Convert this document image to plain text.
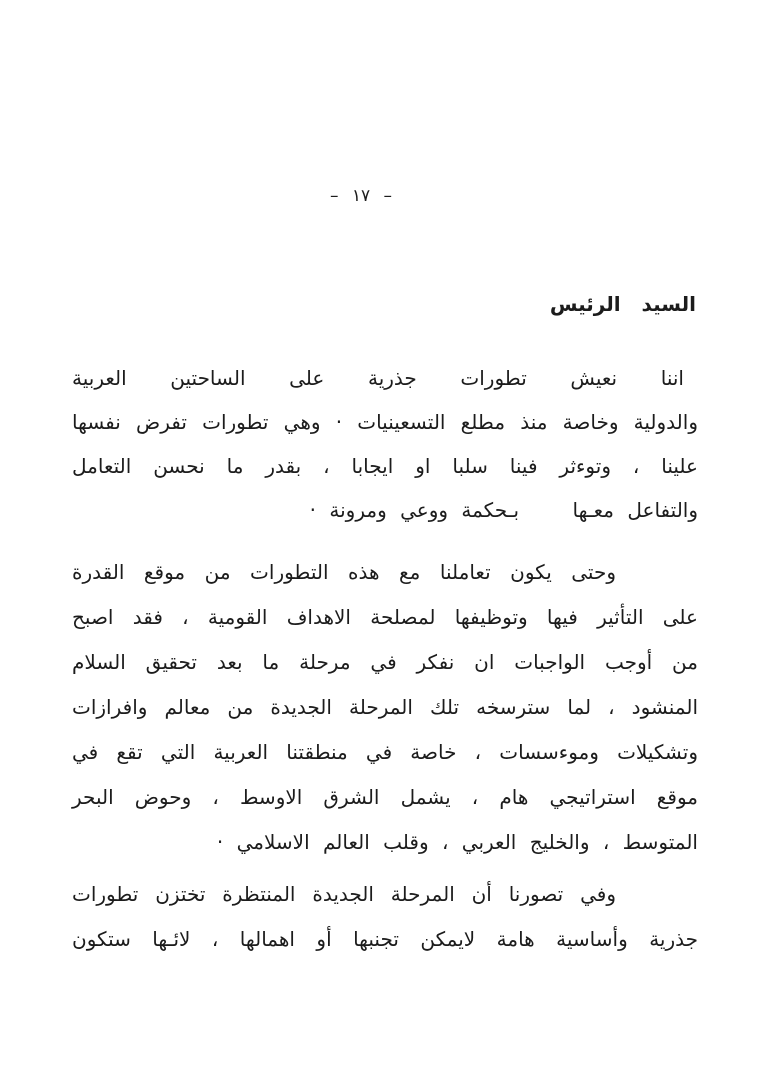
– ١٧ –
السيد الرئيس
اننا نعيش تطورات جذرية على الساحتين العربية
والدولية وخاصة منذ مطلع التسعينيات · وهي تطورات تفرض نفسها
علينا ، وتوءثر فينا سلبا او ايجابا ، بقدر ما نحسن التعامل
والتفاعل معـها    بـحكمة ووعي ومرونة ·
وحتى يكون تعاملنا مع هذه التطورات من موقع القدرة
على التأثير فيها وتوظيفها لمصلحة الاهداف القومية ، فقد اصبح
من أوجب الواجبات ان نفكر في مرحلة ما بعد تحقيق السلام
المنشود ، لما سترسخه تلك المرحلة الجديدة من معالم وافرازات
وتشكيلات وموءسسات ، خاصة في منطقتنا العربية التي تقع في
موقع استراتيجي هام ، يشمل الشرق الاوسط ، وحوض البحر
المتوسط ، والخليج العربي ، وقلب العالم الاسلامي ·
وفي تصورنا أن المرحلة الجديدة المنتظرة تختزن تطورات
جذرية وأساسية هامة لايمكن تجنبها أو اهمالها ، لائـها ستكون
